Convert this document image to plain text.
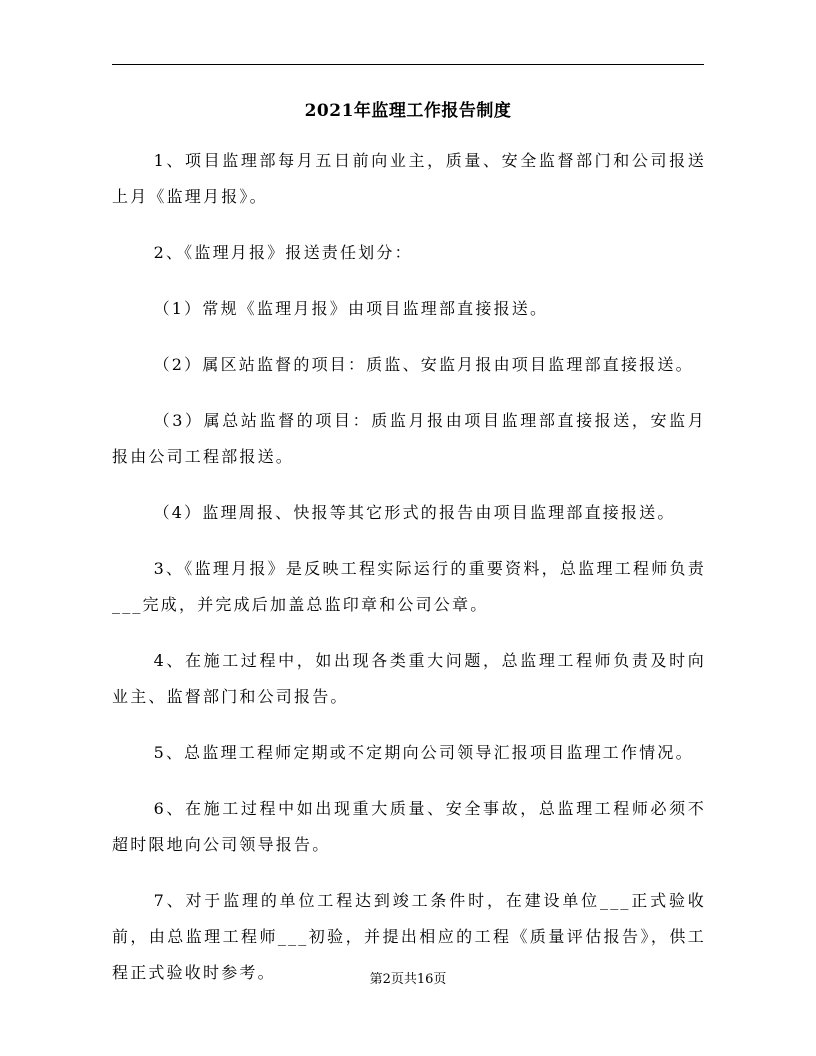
2021年监理工作报告制度

1、项目监理部每月五日前向业主，质量、安全监督部门和公司报送上月《监理月报》。

2、《监理月报》报送责任划分：

（1）常规《监理月报》由项目监理部直接报送。

（2）属区站监督的项目：质监、安监月报由项目监理部直接报送。

（3）属总站监督的项目：质监月报由项目监理部直接报送，安监月报由公司工程部报送。

（4）监理周报、快报等其它形式的报告由项目监理部直接报送。

3、《监理月报》是反映工程实际运行的重要资料，总监理工程师负责___完成，并完成后加盖总监印章和公司公章。

4、在施工过程中，如出现各类重大问题，总监理工程师负责及时向业主、监督部门和公司报告。

5、总监理工程师定期或不定期向公司领导汇报项目监理工作情况。

6、在施工过程中如出现重大质量、安全事故，总监理工程师必须不超时限地向公司领导报告。

7、对于监理的单位工程达到竣工条件时，在建设单位___正式验收前，由总监理工程师___初验，并提出相应的工程《质量评估报告》，供工程正式验收时参考。	第2页共16页
